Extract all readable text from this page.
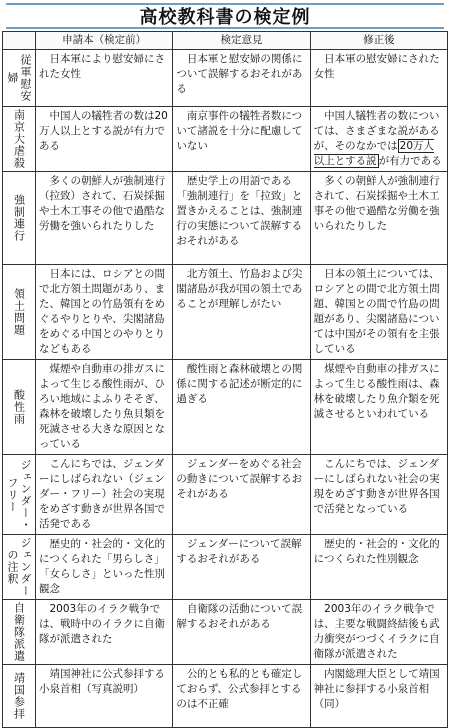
高校教科書の検定例
	申請本（検定前）	検定意見	修正後

従軍慰安婦	日本軍により慰安婦にされた女性	日本軍と慰安婦の関係について誤解するおそれがある	日本軍の慰安婦にされた女性

南京大虐殺	中国人の犠牲者の数は20万人以上とする説が有力である	南京事件の犠牲者数について諸説を十分に配慮していない	中国人犠牲者の数については、さまざまな説があるが、そのなかでは 20万人以上とする説 が有力である

強制連行	多くの朝鮮人が強制連行（拉致）されて、石炭採掘や土木工事その他で過酷な労働を強いられたりした	歴史学上の用語である「強制連行」を「拉致」と置きかえることは、強制連行の実態について誤解するおそれがある	多くの朝鮮人が強制連行されて、石炭採掘や土木工事その他で過酷な労働を強いられたりした

領土問題	日本には、ロシアとの間で北方領土問題があり、また、韓国との竹島領有をめぐるやりとりや、尖閣諸島をめぐる中国とのやりとりなどもある	北方領土、竹島および尖閣諸島が我が国の領土であることが理解しがたい	日本の領土については、ロシアとの間で北方領土問題、韓国との間で竹島の問題があり、尖閣諸島については中国がその領有を主張している

酸性雨	煤煙や自動車の排ガスによって生じる酸性雨が、ひろい地域によふりそそぎ、森林を破壊したり魚貝類を死滅させる大きな原因となっている	酸性雨と森林破壊との関係に関する記述が断定的に過ぎる	煤煙や自動車の排ガスによって生じる酸性雨は、森林を破壊したり魚介類を死滅させるといわれている

ジェンダー・フリー	こんにちでは、ジェンダーにしばられない（ジェンダー・フリー）社会の実現をめざす動きが世界各国で活発である	ジェンダーをめぐる社会の動きについて誤解するおそれがある	こんにちでは、ジェンダーにしばられない社会の実現をめざす動きが世界各国で活発となっている

ジェンダーの注釈	歴史的・社会的・文化的につくられた「男らしさ」「女らしさ」といった性別観念	ジェンダーについて誤解するおそれがある	歴史的・社会的・文化的につくられた性別観念

自衛隊派遣	2003年のイラク戦争では、戦時中のイラクに自衛隊が派遣された	自衛隊の活動について誤解するおそれがある	2003年のイラク戦争では、主要な戦闘終結後も武力衝突がつづくイラクに自衛隊が派遣された

靖国参拝	靖国神社に公式参拝する小泉首相（写真説明）	公的とも私的とも確定しておらず、公式参拝とするのは不正確	内閣総理大臣として靖国神社に参拝する小泉首相（同）
